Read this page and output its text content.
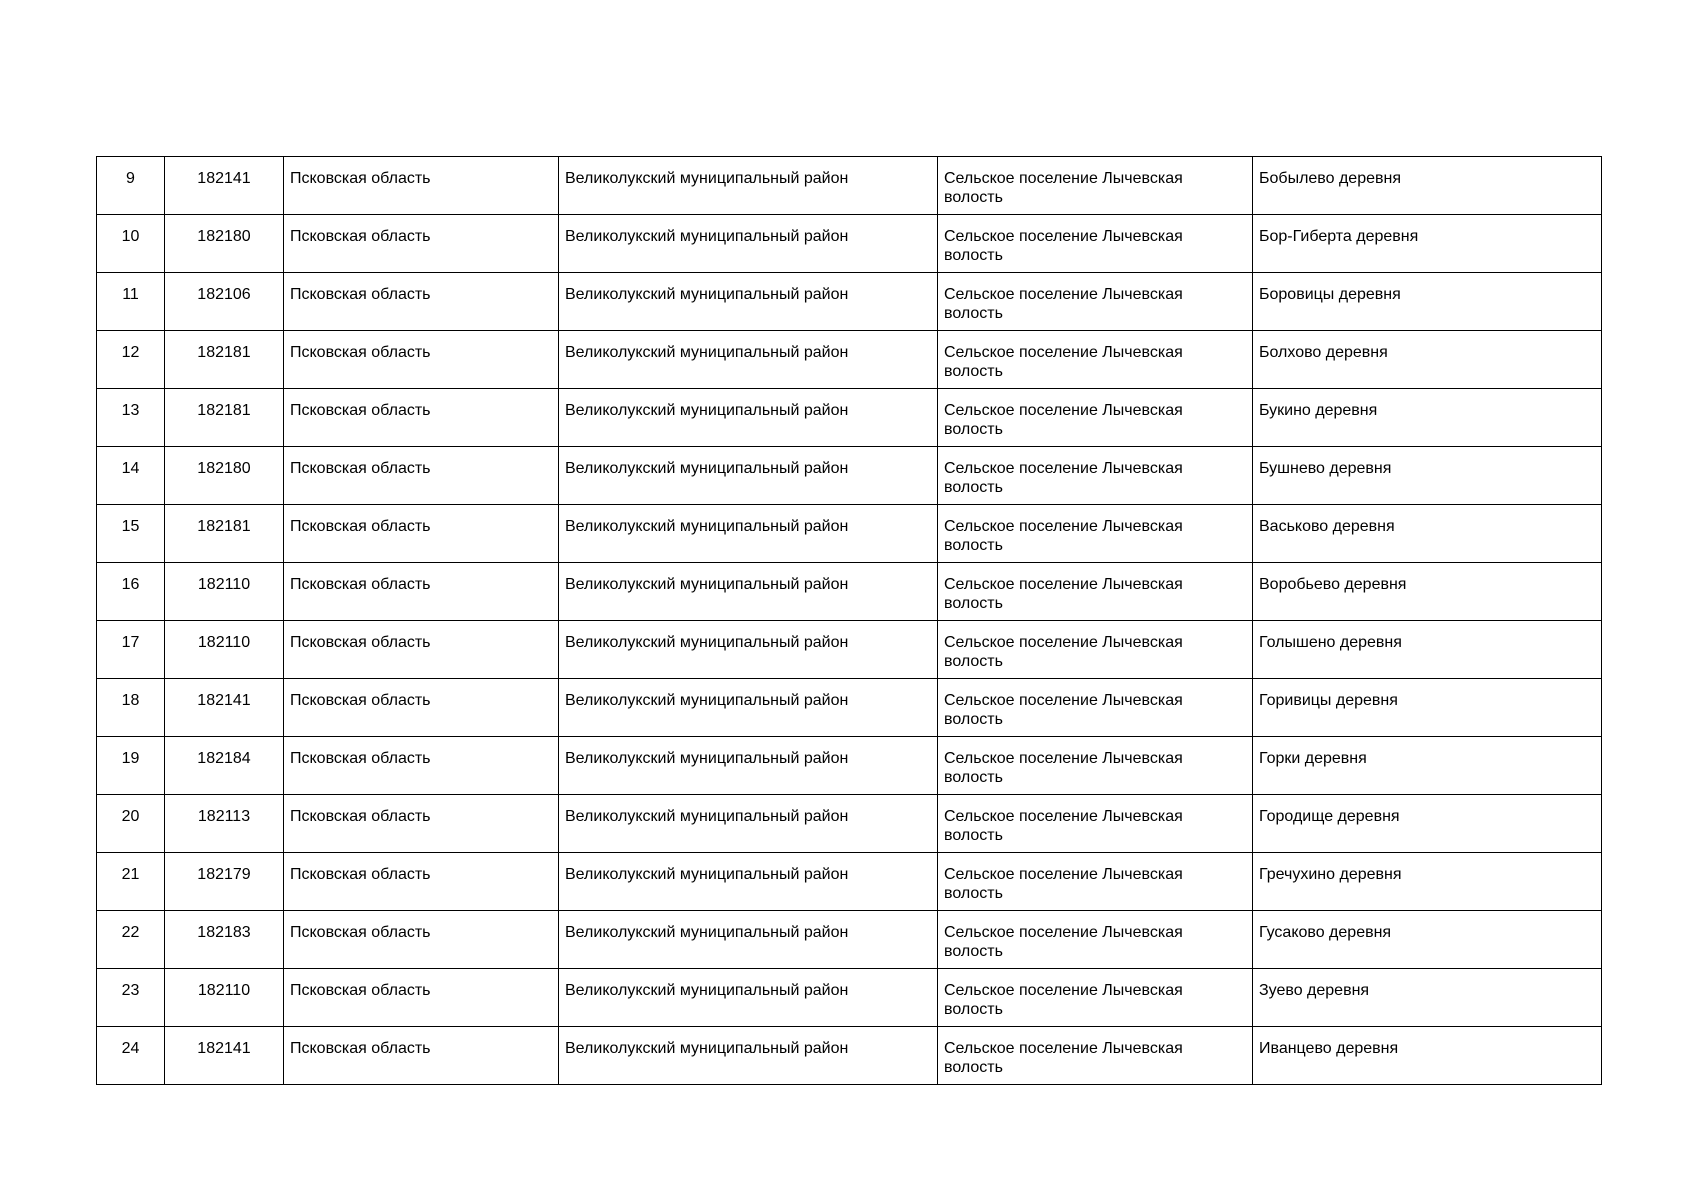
9	182141	Псковская область	Великолукский муниципальный район	Сельское поселение Лычевская волость	Бобылево деревня
10	182180	Псковская область	Великолукский муниципальный район	Сельское поселение Лычевская волость	Бор-Гиберта деревня
11	182106	Псковская область	Великолукский муниципальный район	Сельское поселение Лычевская волость	Боровицы деревня
12	182181	Псковская область	Великолукский муниципальный район	Сельское поселение Лычевская волость	Болхово деревня
13	182181	Псковская область	Великолукский муниципальный район	Сельское поселение Лычевская волость	Букино деревня
14	182180	Псковская область	Великолукский муниципальный район	Сельское поселение Лычевская волость	Бушнево деревня
15	182181	Псковская область	Великолукский муниципальный район	Сельское поселение Лычевская волость	Васьково деревня
16	182110	Псковская область	Великолукский муниципальный район	Сельское поселение Лычевская волость	Воробьево деревня
17	182110	Псковская область	Великолукский муниципальный район	Сельское поселение Лычевская волость	Голышено деревня
18	182141	Псковская область	Великолукский муниципальный район	Сельское поселение Лычевская волость	Горивицы деревня
19	182184	Псковская область	Великолукский муниципальный район	Сельское поселение Лычевская волость	Горки деревня
20	182113	Псковская область	Великолукский муниципальный район	Сельское поселение Лычевская волость	Городище деревня
21	182179	Псковская область	Великолукский муниципальный район	Сельское поселение Лычевская волость	Гречухино деревня
22	182183	Псковская область	Великолукский муниципальный район	Сельское поселение Лычевская волость	Гусаково деревня
23	182110	Псковская область	Великолукский муниципальный район	Сельское поселение Лычевская волость	Зуево деревня
24	182141	Псковская область	Великолукский муниципальный район	Сельское поселение Лычевская волость	Иванцево деревня
